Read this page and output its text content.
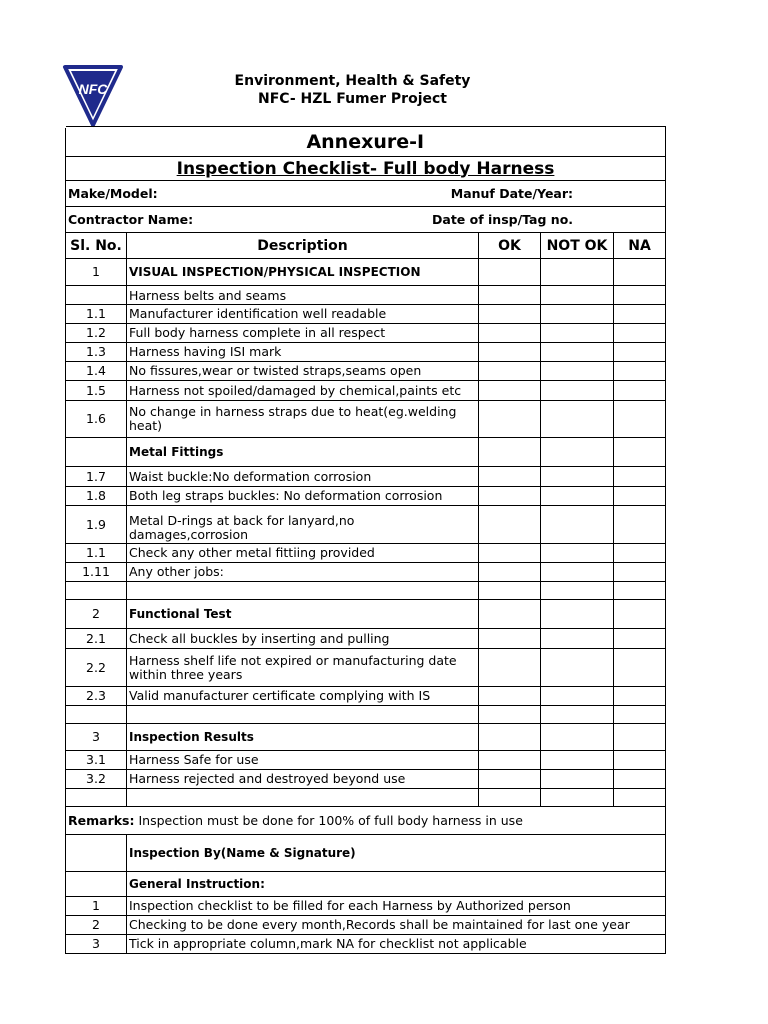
NFC	Environment, Health & Safety
NFC- HZL Fumer Project
Annexure-I				
Inspection Checklist- Full body Harness				

Make/Model: Manuf Date/Year:				

Contractor Name: Date of insp/Tag no.				

Sl. No.	Description	OK	NOT OK	NA
1	VISUAL INSPECTION/PHYSICAL INSPECTION			
	Harness belts and seams			
1.1	Manufacturer identification well readable			
1.2	Full body harness complete in all respect			
1.3	Harness having ISI mark			
1.4	No fissures,wear or twisted straps,seams open			
1.5	Harness not spoiled/damaged by chemical,paints etc			
1.6	No change in harness straps due to heat(eg.welding heat)			
	Metal Fittings			
1.7	Waist buckle:No deformation corrosion			
1.8	Both leg straps buckles: No deformation corrosion			
1.9	Metal D-rings at back for lanyard,no damages,corrosion			
1.1	Check any other metal fittiing provided			
1.11	Any other jobs:			

2	Functional Test			
2.1	Check all buckles by inserting and pulling			
2.2	Harness shelf life not expired or manufacturing date within three years			
2.3	Valid manufacturer certificate complying with IS			

3	Inspection Results			
3.1	Harness Safe for use			
3.2	Harness rejected and destroyed beyond use			

Remarks: Inspection must be done for 100% of full body harness in use				
	Inspection By(Name & Signature)			
	General Instruction:			
1	Inspection checklist to be filled for each Harness by Authorized person			
2	Checking to be done every month,Records shall be maintained for last one year			
3	Tick in appropriate column,mark NA for checklist not applicable			
